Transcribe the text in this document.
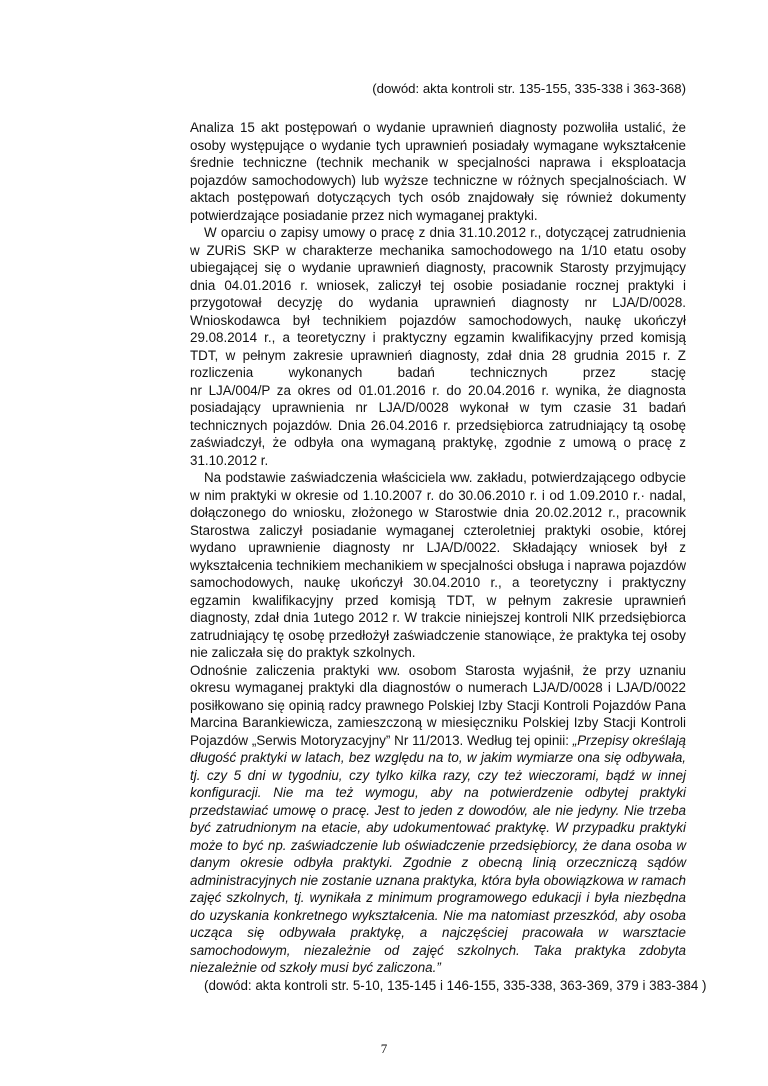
(dowód: akta kontroli str. 135-155, 335-338 i 363-368)

Analiza 15 akt postępowań o wydanie uprawnień diagnosty pozwoliła ustalić, że osoby występujące o wydanie tych uprawnień posiadały wymagane wykształcenie średnie techniczne (technik mechanik w specjalności naprawa i eksploatacja pojazdów samochodowych) lub wyższe techniczne w różnych specjalnościach. W aktach postępowań dotyczących tych osób znajdowały się również dokumenty potwierdzające posiadanie przez nich wymaganej praktyki.

W oparciu o zapisy umowy o pracę z dnia 31.10.2012 r., dotyczącej zatrudnienia w ZURiS SKP w charakterze mechanika samochodowego na 1/10 etatu osoby ubiegającej się o wydanie uprawnień diagnosty, pracownik Starosty przyjmujący dnia 04.01.2016 r. wniosek, zaliczył tej osobie posiadanie rocznej praktyki i przygotował decyzję do wydania uprawnień diagnosty nr LJA/D/0028. Wnioskodawca był technikiem pojazdów samochodowych, naukę ukończył 29.08.2014 r., a teoretyczny i praktyczny egzamin kwalifikacyjny przed komisją TDT, w pełnym zakresie uprawnień diagnosty, zdał dnia 28 grudnia 2015 r. Z rozliczenia wykonanych badań technicznych przez stację

nr LJA/004/P za okres od 01.01.2016 r. do 20.04.2016 r. wynika, że diagnosta posiadający uprawnienia nr LJA/D/0028 wykonał w tym czasie 31 badań technicznych pojazdów. Dnia 26.04.2016 r. przedsiębiorca zatrudniający tą osobę zaświadczył, że odbyła ona wymaganą praktykę, zgodnie z umową o pracę z 31.10.2012 r.

Na podstawie zaświadczenia właściciela ww. zakładu, potwierdzającego odbycie w nim praktyki w okresie od 1.10.2007 r. do 30.06.2010 r. i od 1.09.2010 r.· nadal, dołączonego do wniosku, złożonego w Starostwie dnia 20.02.2012 r., pracownik Starostwa zaliczył posiadanie wymaganej czteroletniej praktyki osobie, której wydano uprawnienie diagnosty nr LJA/D/0022. Składający wniosek był z wykształcenia technikiem mechanikiem w specjalności obsługa i naprawa pojazdów samochodowych, naukę ukończył 30.04.2010 r., a teoretyczny i praktyczny egzamin kwalifikacyjny przed komisją TDT, w pełnym zakresie uprawnień diagnosty, zdał dnia 1utego 2012 r. W trakcie niniejszej kontroli NIK przedsiębiorca zatrudniający tę osobę przedłożył zaświadczenie stanowiące, że praktyka tej osoby nie zaliczała się do praktyk szkolnych.

Odnośnie zaliczenia praktyki ww. osobom Starosta wyjaśnił, że przy uznaniu okresu wymaganej praktyki dla diagnostów o numerach LJA/D/0028 i LJA/D/0022 posiłkowano się opinią radcy prawnego Polskiej Izby Stacji Kontroli Pojazdów Pana Marcina Barankiewicza, zamieszczoną w miesięczniku Polskiej Izby Stacji Kontroli Pojazdów „Serwis Motoryzacyjny” Nr 11/2013. Według tej opinii: „Przepisy określają długość praktyki w latach, bez względu na to, w jakim wymiarze ona się odbywała, tj. czy 5 dni w tygodniu, czy tylko kilka razy, czy też wieczorami, bądź w innej konfiguracji. Nie ma też wymogu, aby na potwierdzenie odbytej praktyki przedstawiać umowę o pracę. Jest to jeden z dowodów, ale nie jedyny. Nie trzeba być zatrudnionym na etacie, aby udokumentować praktykę. W przypadku praktyki może to być np. zaświadczenie lub oświadczenie przedsiębiorcy, że dana osoba w danym okresie odbyła praktyki. Zgodnie z obecną linią orzeczniczą sądów administracyjnych nie zostanie uznana praktyka, która była obowiązkowa w ramach zajęć szkolnych, tj. wynikała z minimum programowego edukacji i była niezbędna do uzyskania konkretnego wykształcenia. Nie ma natomiast przeszkód, aby osoba ucząca się odbywała praktykę, a najczęściej pracowała w warsztacie samochodowym, niezależnie od zajęć szkolnych. Taka praktyka zdobyta niezależnie od szkoły musi być zaliczona.”

(dowód: akta kontroli str. 5-10, 135-145 i 146-155, 335-338, 363-369, 379 i 383-384 )

7
